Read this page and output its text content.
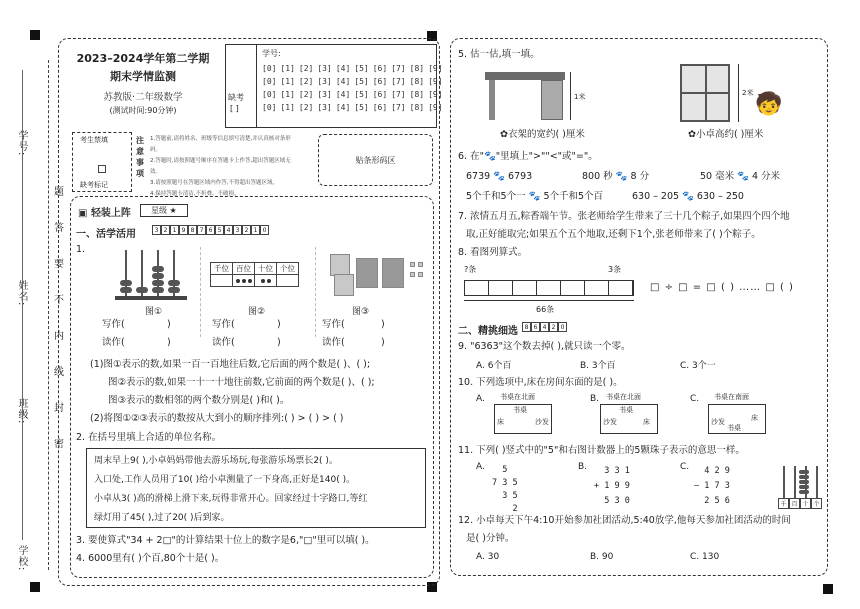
学号:
姓名:
班级:
学校:
题
答
要
不
内
线
封
密
2023–2024学年第二学期
期末学情监测
苏教版·二年级数学
(测试时间:90分钟)
缺考
[ ]
学号:
[0] [1] [2] [3] [4] [5] [6] [7] [8] [9]
[0] [1] [2] [3] [4] [5] [6] [7] [8] [9]
[0] [1] [2] [3] [4] [5] [6] [7] [8] [9]
[0] [1] [2] [3] [4] [5] [6] [7] [8] [9]
考生禁填
缺考标记
注意事项
1.答题前,请将姓名、班级等信息填写清楚,并认真核对条形码。
2.答题时,请按照题号顺序在答题卡上作答,超出答题区域无效。
3.请按照题号在答题区域内作答,不得超出答题区域。
4.保持答题卡清洁,不折叠、不破损。
贴条形码区
▣ 轻装上阵	星级 ★
一、活学活用	3 2 1 9 8 7 6 5 4 3 2 1 0
1.
图①
千位	百位	十位	个位

图②	图③
写作(	)
读作(	)
写作(	)
读作(	)
写作(	)
读作(	)
(1)图①表示的数,如果一百一百地往后数,它后面的两个数是( )、( );
图②表示的数,如果一十一十地往前数,它前面的两个数是( )、( );
图③表示的数相邻的两个数分别是( )和( )。
(2)将图①②③表示的数按从大到小的顺序排列:( ) > ( ) > ( )
2. 在括号里填上合适的单位名称。
周末早上9( ),小卓妈妈带他去游乐场玩,每张游乐场票长2( )。
入口处,工作人员用了10( )给小卓测量了一下身高,正好是140( )。
小卓从3( )高的滑梯上滑下来,玩得非常开心。回家经过十字路口,等红
绿灯用了45( ),过了20( )后到家。
3. 要使算式"34 + 2□"的计算结果十位上的数字是6,"□"里可以填( )。
4. 6000里有( )个百,80个十是( )。
5. 估一估,填一填。
1米
✿衣架的宽约( )厘米
2米 🧒
✿小卓高约( )厘米
6. 在"🐾"里填上">""<"或"="。
6739 🐾 6793	800 秒 🐾 8 分	50 毫米 🐾 4 分米
5个千和5个一 🐾 5个千和5个百	630 – 205 🐾 630 – 250
7. 浓情五月五,粽香端午节。张老师给学生带来了三十几个粽子,如果四个四个地
取,正好能取完;如果五个五个地取,还剩下1个,张老师带来了( )个粽子。
8. 看图列算式。
?条	3条
66条
□ ÷ □ = □ ( ) …… □ ( )
二、精挑细选	8 6 4 2 0
9. "6363"这个数去掉( ),就只读一个零。
A. 6个百	B. 3个百	C. 3个一
10. 下列选项中,床在房间东面的是( )。
A.	B.	C.
书桌在北面
床
书桌
沙发
书桌在北面
沙发
书桌
床
书桌在南面
沙发
书桌
床
11. 下列( )竖式中的"5"和右图计数器上的5颗珠子表示的意思一样。
A.	B.	C.
5
7 3 5
3 5
2
3 3 1
+ 1 9 9
5 3 0
4 2 9
– 1 7 3
2 5 6	千 百 十 个
12. 小卓每天下午4:10开始参加社团活动,5:40放学,他每天参加社团活动的时间
是( )分钟。
A. 30	B. 90	C. 130
